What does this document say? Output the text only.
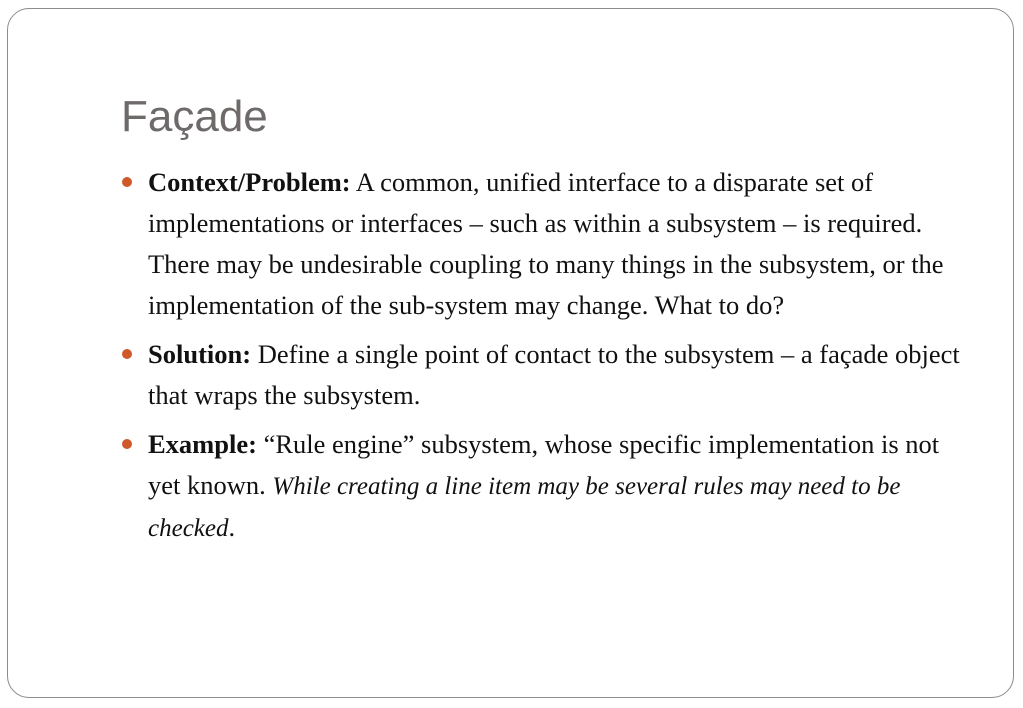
Façade
Context/Problem: A common, unified interface to a disparate set of implementations or interfaces – such as within a subsystem – is required. There may be undesirable coupling to many things in the subsystem, or the implementation of the sub-system may change. What to do?
Solution: Define a single point of contact to the subsystem – a façade object that wraps the subsystem.
Example: “Rule engine” subsystem, whose specific implementation is not yet known. While creating a line item may be several rules may need to be checked.
